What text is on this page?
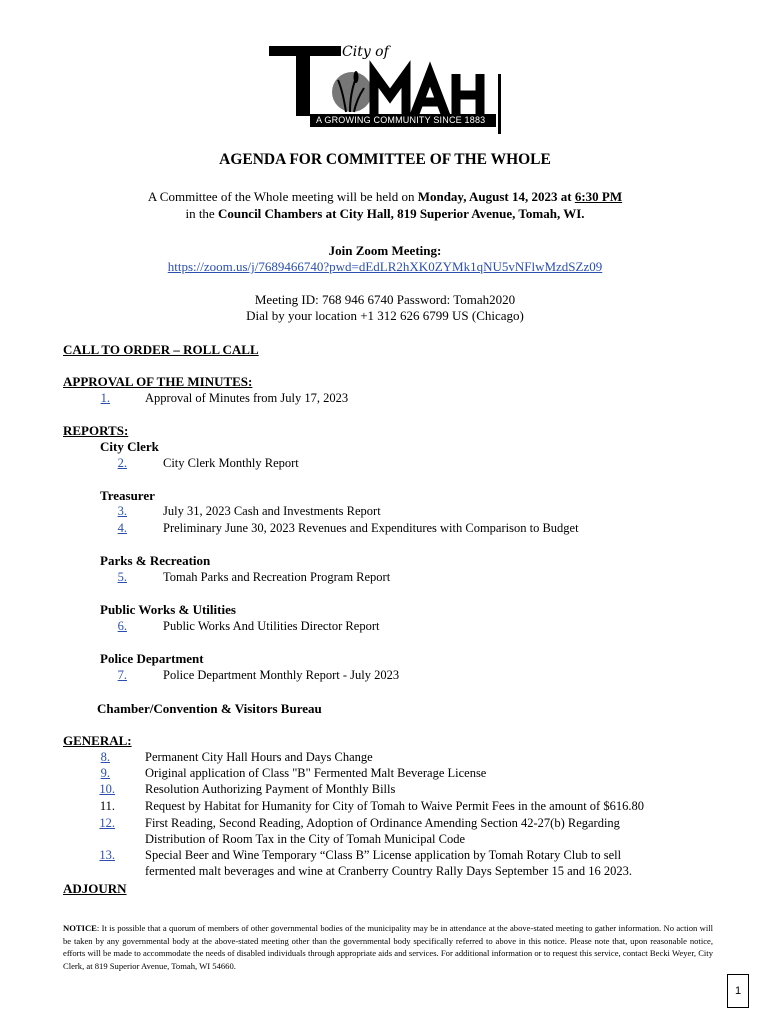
City of
A GROWING COMMUNITY SINCE 1883
AGENDA FOR COMMITTEE OF THE WHOLE
A Committee of the Whole meeting will be held on Monday, August 14, 2023 at 6:30 PM
in the Council Chambers at City Hall, 819 Superior Avenue, Tomah, WI.
Join Zoom Meeting:
https://zoom.us/j/7689466740?pwd=dEdLR2hXK0ZYMk1qNU5vNFlwMzdSZz09
Meeting ID: 768 946 6740 Password: Tomah2020
Dial by your location +1 312 626 6799 US (Chicago)
CALL TO ORDER – ROLL CALL
APPROVAL OF THE MINUTES:
1.	Approval of Minutes from July 17, 2023
REPORTS:
City Clerk
2.	City Clerk Monthly Report
Treasurer
3.	July 31, 2023 Cash and Investments Report
4.	Preliminary June 30, 2023 Revenues and Expenditures with Comparison to Budget
Parks & Recreation
5.	Tomah Parks and Recreation Program Report
Public Works & Utilities
6.	Public Works And Utilities Director Report
Police Department
7.	Police Department Monthly Report - July 2023
Chamber/Convention & Visitors Bureau
GENERAL:
8.	Permanent City Hall Hours and Days Change
9.	Original application of Class "B" Fermented Malt Beverage License
10. Resolution Authorizing Payment of Monthly Bills
11. Request by Habitat for Humanity for City of Tomah to Waive Permit Fees in the amount of $616.80
12. First Reading, Second Reading, Adoption of Ordinance Amending Section 42-27(b) Regarding
Distribution of Room Tax in the City of Tomah Municipal Code
13. Special Beer and Wine Temporary “Class B” License application by Tomah Rotary Club to sell
fermented malt beverages and wine at Cranberry Country Rally Days September 15 and 16 2023.
ADJOURN
NOTICE: It is possible that a quorum of members of other governmental bodies of the municipality may be in attendance at the above-stated meeting to gather information. No action will be taken by any governmental body at the above-stated meeting other than the governmental body specifically referred to above in this notice. Please note that, upon reasonable notice, efforts will be made to accommodate the needs of disabled individuals through appropriate aids and services. For additional information or to request this service, contact Becki Weyer, City Clerk, at 819 Superior Avenue, Tomah, WI 54660.
1
